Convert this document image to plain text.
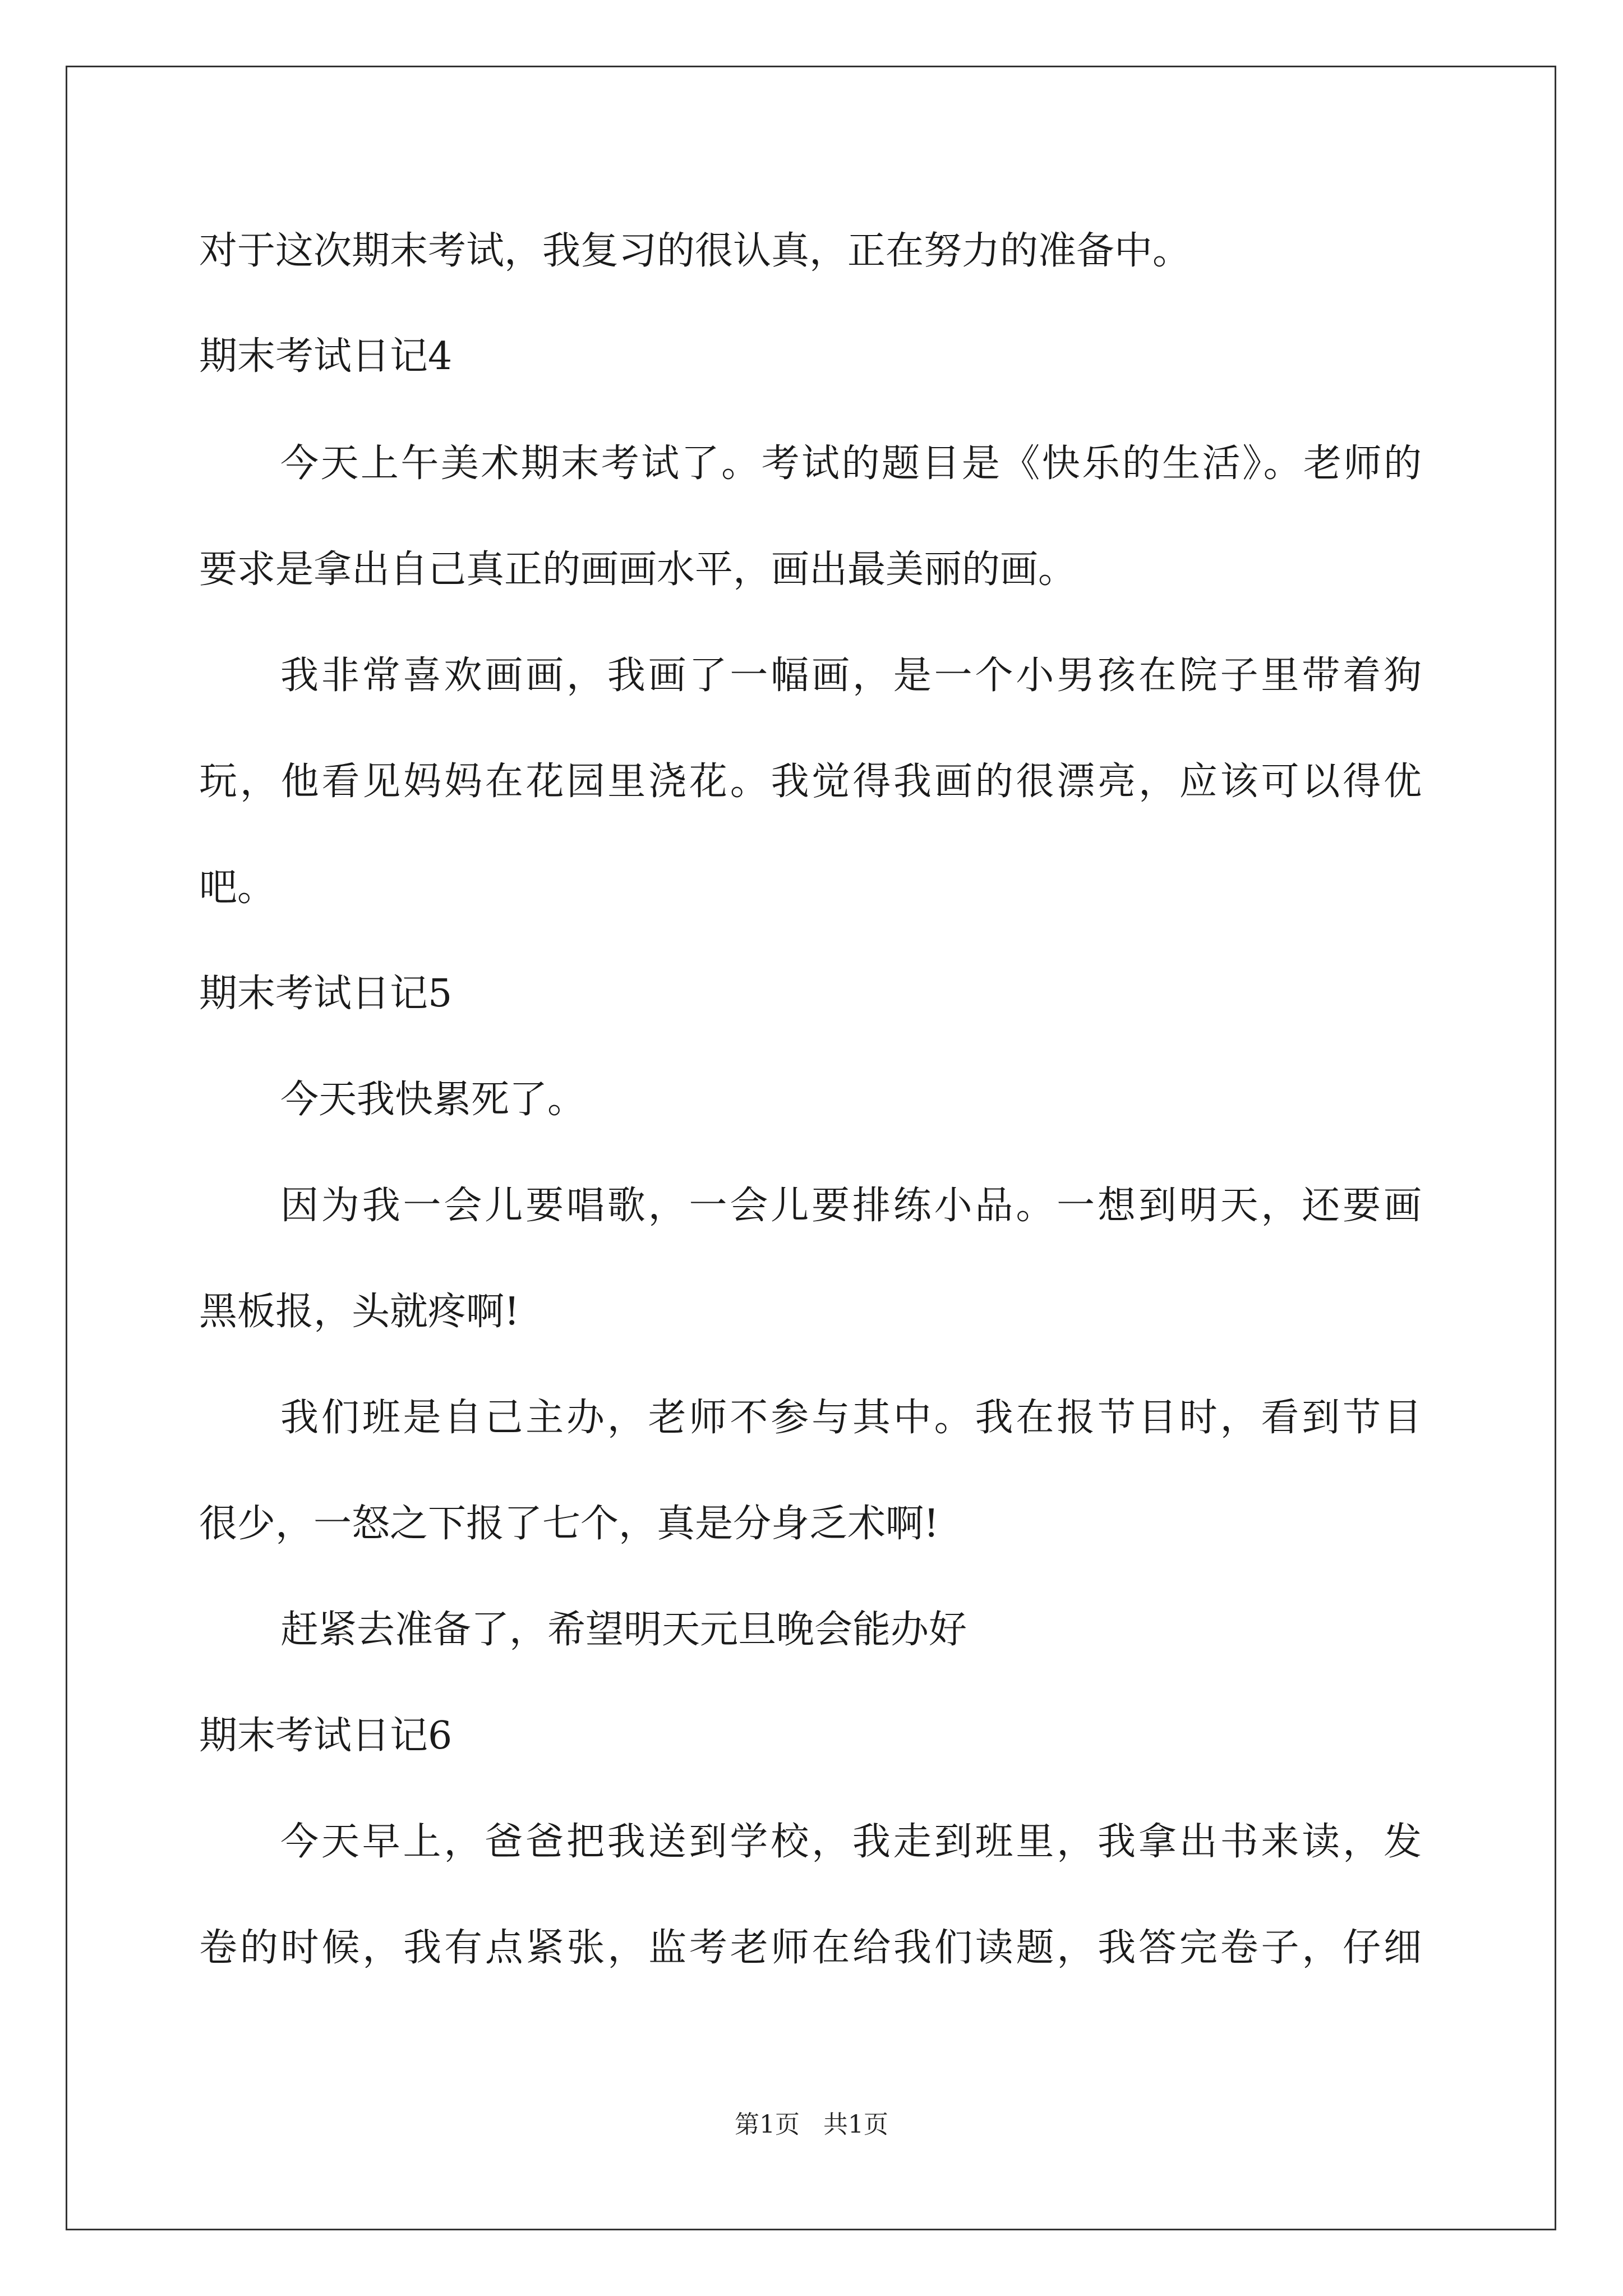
对于这次期末考试，我复习的很认真，正在努力的准备中。
期末考试日记4
今天上午美术期末考试了。考试的题目是《快乐的生活》。老师的
要求是拿出自己真正的画画水平，画出最美丽的画。
我非常喜欢画画，我画了一幅画，是一个小男孩在院子里带着狗
玩，他看见妈妈在花园里浇花。我觉得我画的很漂亮，应该可以得优
吧。
期末考试日记5
今天我快累死了。
因为我一会儿要唱歌，一会儿要排练小品。一想到明天，还要画
黑板报，头就疼啊!
我们班是自己主办，老师不参与其中。我在报节目时，看到节目
很少，一怒之下报了七个，真是分身乏术啊!
赶紧去准备了，希望明天元旦晚会能办好
期末考试日记6
今天早上，爸爸把我送到学校，我走到班里，我拿出书来读，发
卷的时候，我有点紧张，监考老师在给我们读题，我答完卷子，仔细
第1页 共1页
